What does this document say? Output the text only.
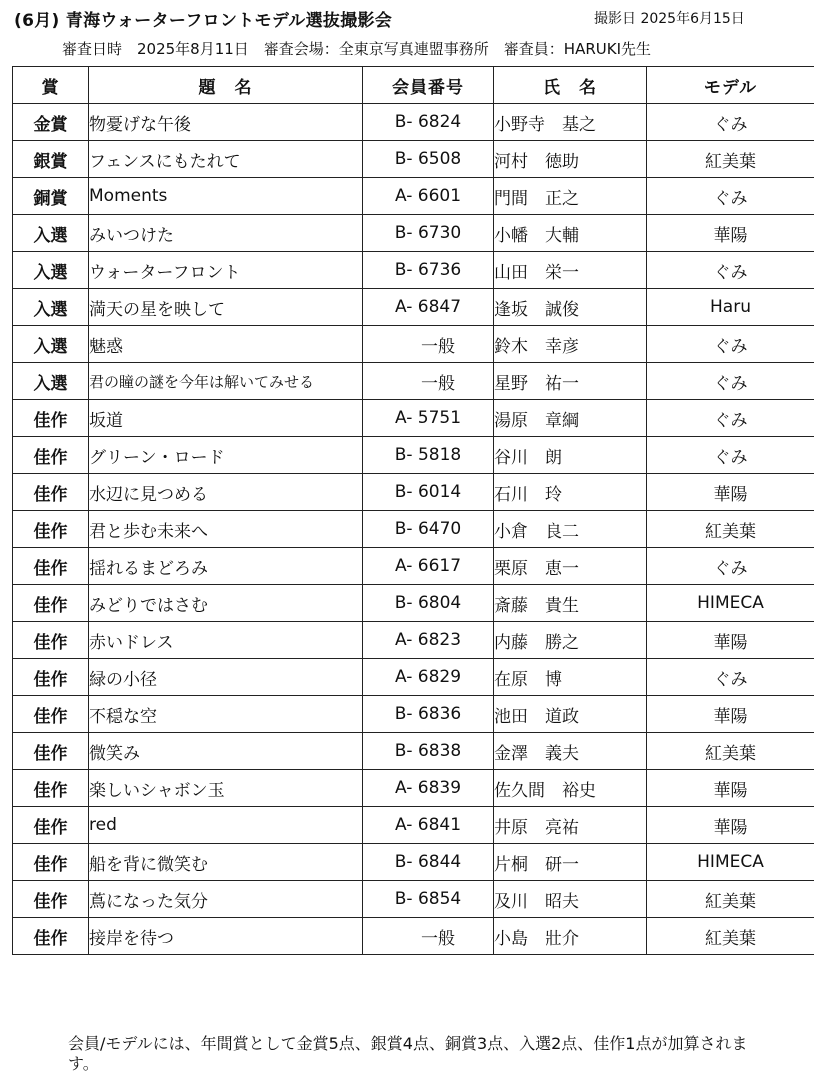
(6月) 青海ウォーターフロントモデル選抜撮影会	撮影日 2025年6月15日
審査日時　2025年8月11日　審査会場：全東京写真連盟事務所　審査員：HARUKI先生
賞	題　名	会員番号	氏　名	モデル
金賞	物憂げな午後	B- 6824	小野寺　基之	ぐみ
銀賞	フェンスにもたれて	B- 6508	河村　徳助	紅美葉
銅賞	Moments	A- 6601	門間　正之	ぐみ
入選	みいつけた	B- 6730	小幡　大輔	華陽
入選	ウォーターフロント	B- 6736	山田　栄一	ぐみ
入選	満天の星を映して	A- 6847	逢坂　誠俊	Haru
入選	魅惑	一般	鈴木　幸彦	ぐみ
入選	君の瞳の謎を今年は解いてみせる	一般	星野　祐一	ぐみ
佳作	坂道	A- 5751	湯原　章綱	ぐみ
佳作	グリーン・ロード	B- 5818	谷川　朗	ぐみ
佳作	水辺に見つめる	B- 6014	石川　玲	華陽
佳作	君と歩む未来へ	B- 6470	小倉　良二	紅美葉
佳作	揺れるまどろみ	A- 6617	栗原　恵一	ぐみ
佳作	みどりではさむ	B- 6804	斎藤　貴生	HIMECA
佳作	赤いドレス	A- 6823	内藤　勝之	華陽
佳作	緑の小径	A- 6829	在原　博	ぐみ
佳作	不穏な空	B- 6836	池田　道政	華陽
佳作	微笑み	B- 6838	金澤　義夫	紅美葉
佳作	楽しいシャボン玉	A- 6839	佐久間　裕史	華陽
佳作	red	A- 6841	井原　亮祐	華陽
佳作	船を背に微笑む	B- 6844	片桐　研一	HIMECA
佳作	蔦になった気分	B- 6854	及川　昭夫	紅美葉
佳作	接岸を待つ	一般	小島　壯介	紅美葉
会員/モデルには、年間賞として金賞5点、銀賞4点、銅賞3点、入選2点、佳作1点が加算されます。
